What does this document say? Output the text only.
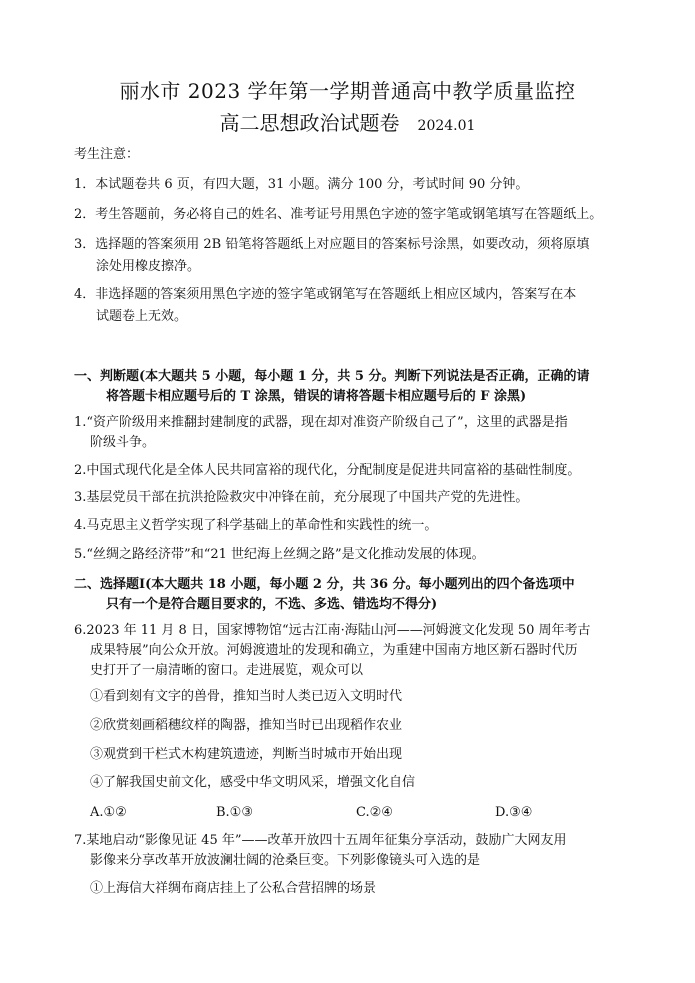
丽水市 2023 学年第一学期普通高中教学质量监控
高二思想政治试题卷 2024.01
考生注意：
1．本试题卷共 6 页，有四大题，31 小题。满分 100 分，考试时间 90 分钟。
2．考生答题前，务必将自己的姓名、准考证号用黑色字迹的签字笔或钢笔填写在答题纸上。
3．选择题的答案须用 2B 铅笔将答题纸上对应题目的答案标号涂黑，如要改动，须将原填
涂处用橡皮擦净。
4．非选择题的答案须用黑色字迹的签字笔或钢笔写在答题纸上相应区域内，答案写在本
试题卷上无效。
一、判断题(本大题共 5 小题，每小题 1 分，共 5 分。判断下列说法是否正确，正确的请
将答题卡相应题号后的 T 涂黑，错误的请将答题卡相应题号后的 F 涂黑)
1.“资产阶级用来推翻封建制度的武器，现在却对准资产阶级自己了”，这里的武器是指
阶级斗争。
2.中国式现代化是全体人民共同富裕的现代化，分配制度是促进共同富裕的基础性制度。
3.基层党员干部在抗洪抢险救灾中冲锋在前，充分展现了中国共产党的先进性。
4.马克思主义哲学实现了科学基础上的革命性和实践性的统一。
5.“丝绸之路经济带”和“21 世纪海上丝绸之路”是文化推动发展的体现。
二、选择题Ⅰ(本大题共 18 小题，每小题 2 分，共 36 分。每小题列出的四个备选项中
只有一个是符合题目要求的，不选、多选、错选均不得分)
6.2023 年 11 月 8 日，国家博物馆“远古江南·海陆山河——河姆渡文化发现 50 周年考古
成果特展”向公众开放。河姆渡遗址的发现和确立，为重建中国南方地区新石器时代历
史打开了一扇清晰的窗口。走进展览，观众可以
①看到刻有文字的兽骨，推知当时人类已迈入文明时代
②欣赏刻画稻穗纹样的陶器，推知当时已出现稻作农业
③观赏到干栏式木构建筑遗迹，判断当时城市开始出现
④了解我国史前文化，感受中华文明风采，增强文化自信
A.①②	B.①③	C.②④	D.③④
7.某地启动“影像见证 45 年”——改革开放四十五周年征集分享活动，鼓励广大网友用
影像来分享改革开放波澜壮阔的沧桑巨变。下列影像镜头可入选的是
①上海信大祥绸布商店挂上了公私合营招牌的场景
